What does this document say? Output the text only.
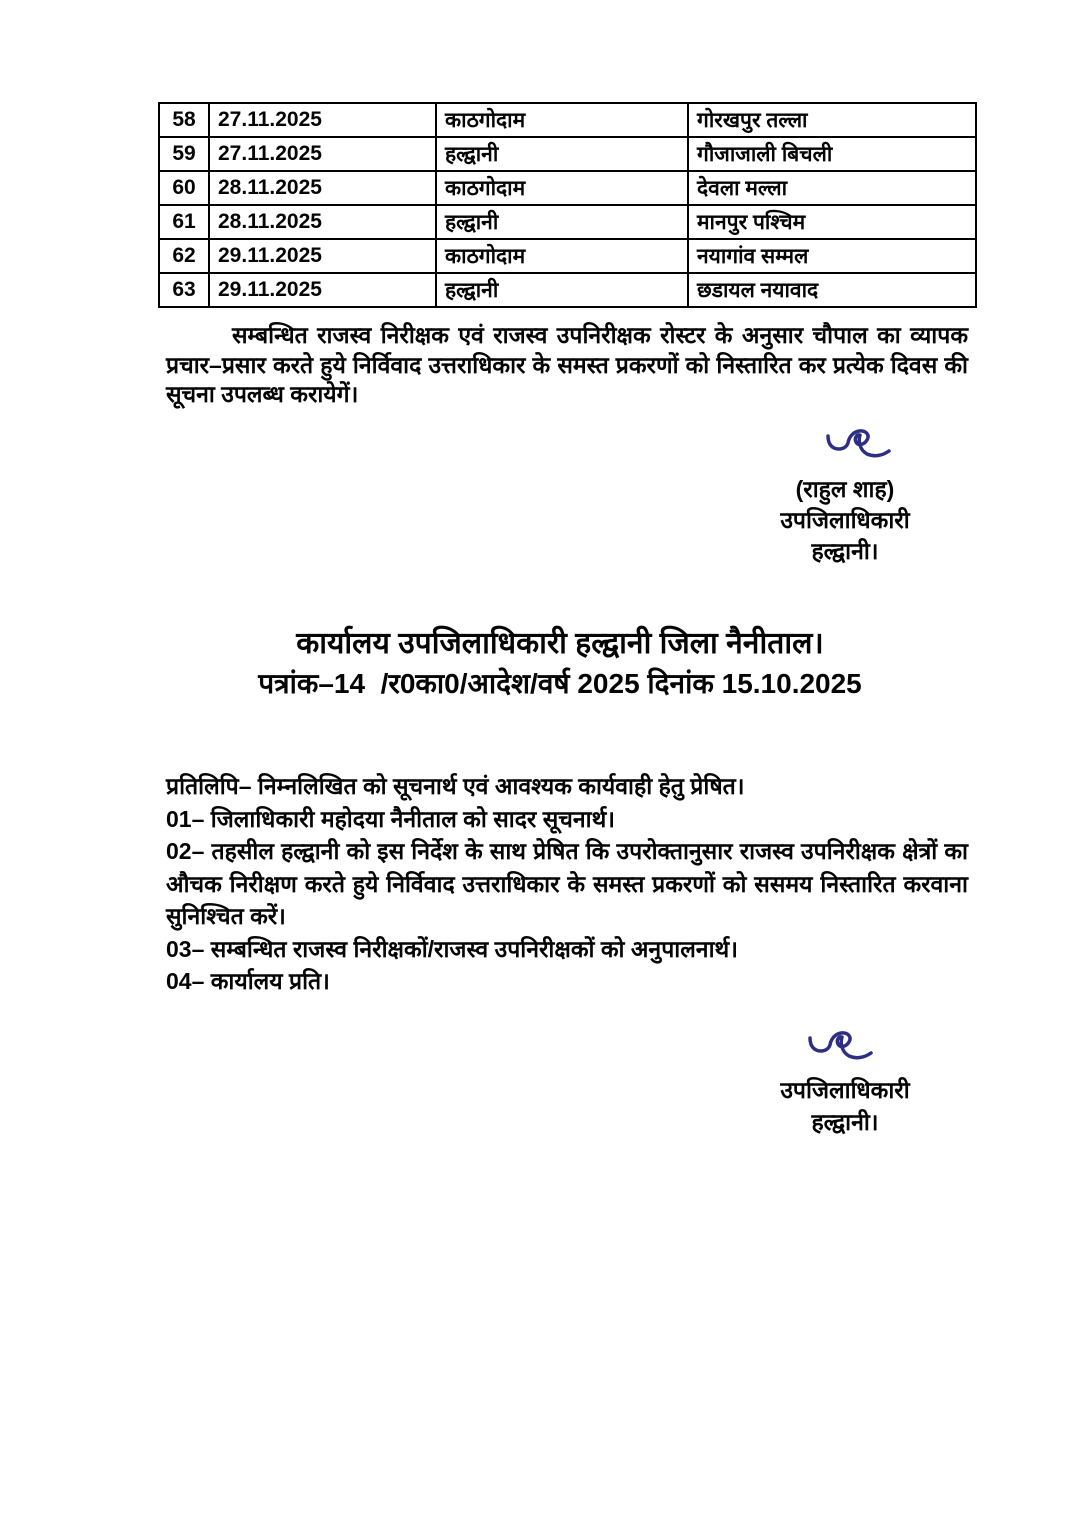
58	27.11.2025	काठगोदाम	गोरखपुर तल्ला
59	27.11.2025	हल्द्वानी	गौजाजाली बिचली
60	28.11.2025	काठगोदाम	देवला मल्ला
61	28.11.2025	हल्द्वानी	मानपुर पश्चिम
62	29.11.2025	काठगोदाम	नयागांव सम्मल
63	29.11.2025	हल्द्वानी	छडायल नयावाद

सम्बन्धित राजस्व निरीक्षक एवं राजस्व उपनिरीक्षक रोस्टर के अनुसार चौपाल का व्यापक प्रचार–प्रसार करते हुये निर्विवाद उत्तराधिकार के समस्त प्रकरणों को निस्तारित कर प्रत्येक दिवस की सूचना उपलब्ध करायेगें।

(राहुल शाह)
उपजिलाधिकारी
हल्द्वानी।
कार्यालय उपजिलाधिकारी हल्द्वानी जिला नैनीताल।
पत्रांक–14  /र0का0/आदेश/वर्ष 2025 दिनांक 15.10.2025

प्रतिलिपि– निम्नलिखित को सूचनार्थ एवं आवश्यक कार्यवाही हेतु प्रेषित।

01– जिलाधिकारी महोदया नैनीताल को सादर सूचनार्थ।

02– तहसील हल्द्वानी को इस निर्देश के साथ प्रेषित कि उपरोक्तानुसार राजस्व उपनिरीक्षक क्षेत्रों का औचक निरीक्षण करते हुये निर्विवाद उत्तराधिकार के समस्त प्रकरणों को ससमय निस्तारित करवाना सुनिश्चित करें।

03– सम्बन्धित राजस्व निरीक्षकों/राजस्व उपनिरीक्षकों को अनुपालनार्थ।

04– कार्यालय प्रति।

उपजिलाधिकारी
हल्द्वानी।
